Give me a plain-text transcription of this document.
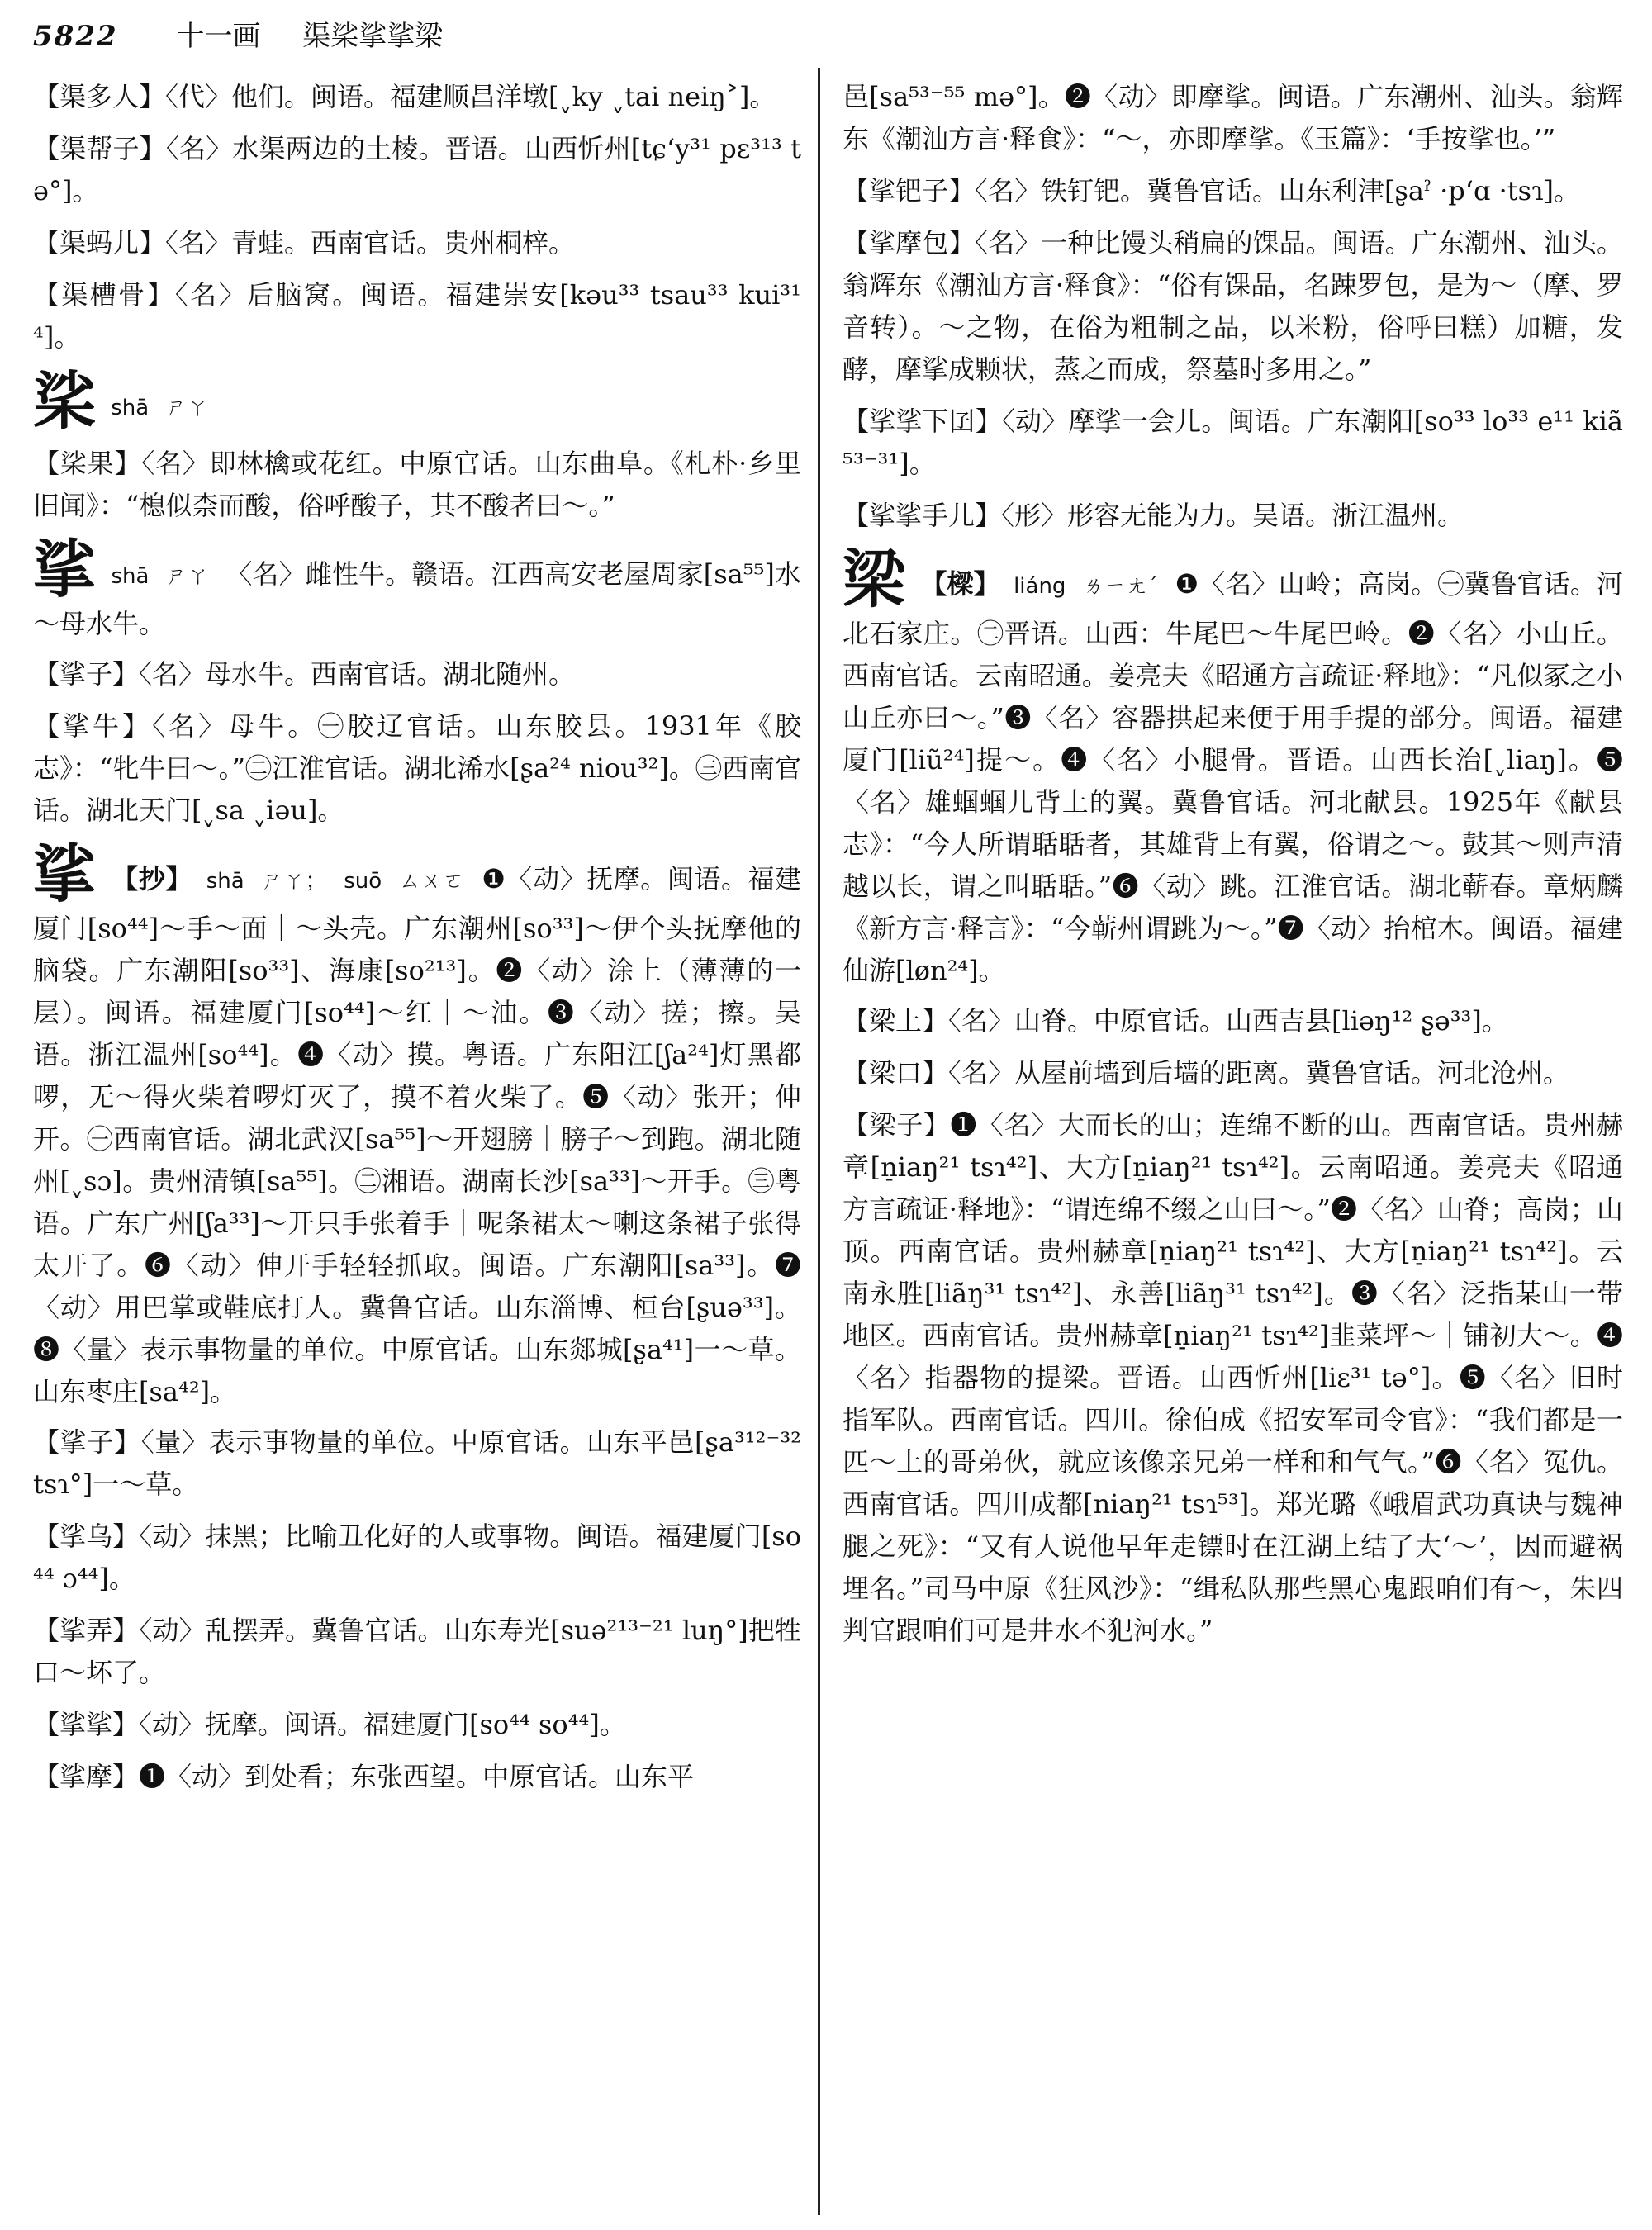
5822 十一画 渠桬挲挲梁

【渠多人】〈代〉他们。闽语。福建顺昌洋墩[ˬky ˬtai neiŋ˃]。

【渠帮子】〈名〉水渠两边的土棱。晋语。山西忻州[tɕʻy³¹ pɛ³¹³ tə°]。

【渠蚂儿】〈名〉青蛙。西南官话。贵州桐梓。

【渠槽骨】〈名〉后脑窝。闽语。福建崇安[kəu³³ tsau³³ kui³¹⁴]。

桬 shā ㄕㄚ

【桬果】〈名〉即林檎或花红。中原官话。山东曲阜。《札朴·乡里旧闻》：“㮩似柰而酸，俗呼酸子，其不酸者曰～。”

挲 shā ㄕㄚ 〈名〉雌性牛。赣语。江西高安老屋周家[sa⁵⁵]水～母水牛。

【挲子】〈名〉母水牛。西南官话。湖北随州。

【挲牛】〈名〉母牛。㊀胶辽官话。山东胶县。1931年《胶志》：“牝牛曰～。”㊁江淮官话。湖北浠水[ʂa²⁴ niou³²]。㊂西南官话。湖北天门[ˬsa ˬiəu]。

挲 【抄】 shā ㄕㄚ； suō ㄙㄨㄛ ❶〈动〉抚摩。闽语。福建厦门[so⁴⁴]～手～面｜～头壳。广东潮州[so³³]～伊个头抚摩他的脑袋。广东潮阳[so³³]、海康[so²¹³]。❷〈动〉涂上（薄薄的一层）。闽语。福建厦门[so⁴⁴]～红｜～油。❸〈动〉搓；擦。吴语。浙江温州[so⁴⁴]。❹〈动〉摸。粤语。广东阳江[ʃa²⁴]灯黑都啰，无～得火柴着啰灯灭了，摸不着火柴了。❺〈动〉张开；伸开。㊀西南官话。湖北武汉[sa⁵⁵]～开翅膀｜膀子～到跑。湖北随州[ˬsɔ]。贵州清镇[sa⁵⁵]。㊁湘语。湖南长沙[sa³³]～开手。㊂粤语。广东广州[ʃa³³]～开只手张着手｜呢条裙太～喇这条裙子张得太开了。❻〈动〉伸开手轻轻抓取。闽语。广东潮阳[sa³³]。❼〈动〉用巴掌或鞋底打人。冀鲁官话。山东淄博、桓台[ʂuə³³]。❽〈量〉表示事物量的单位。中原官话。山东郯城[ʂa⁴¹]一～草。山东枣庄[sa⁴²]。

【挲子】〈量〉表示事物量的单位。中原官话。山东平邑[ʂa³¹²⁻³² tsɿ°]一～草。

【挲乌】〈动〉抹黑；比喻丑化好的人或事物。闽语。福建厦门[so⁴⁴ ɔ⁴⁴]。

【挲弄】〈动〉乱摆弄。冀鲁官话。山东寿光[suə²¹³⁻²¹ luŋ°]把牲口～坏了。

【挲挲】〈动〉抚摩。闽语。福建厦门[so⁴⁴ so⁴⁴]。

【挲摩】❶〈动〉到处看；东张西望。中原官话。山东平

邑[sa⁵³⁻⁵⁵ mə°]。❷〈动〉即摩挲。闽语。广东潮州、汕头。翁辉东《潮汕方言·释食》：“～，亦即摩挲。《玉篇》：‘手按挲也。’”

【挲钯子】〈名〉铁钉钯。冀鲁官话。山东利津[ʂaˀ ·pʻɑ ·tsɿ]。

【挲摩包】〈名〉一种比馒头稍扁的馃品。闽语。广东潮州、汕头。翁辉东《潮汕方言·释食》：“俗有馃品，名踈罗包，是为～（摩、罗音转）。～之物，在俗为粗制之品，以米粉，俗呼曰糕）加糖，发酵，摩挲成颗状，蒸之而成，祭墓时多用之。”

【挲挲下囝】〈动〉摩挲一会儿。闽语。广东潮阳[so³³ lo³³ e¹¹ kiã⁵³⁻³¹]。

【挲挲手儿】〈形〉形容无能为力。吴语。浙江温州。

梁 【樑】 liáng ㄌㄧㄤˊ ❶〈名〉山岭；高岗。㊀冀鲁官话。河北石家庄。㊁晋语。山西：牛尾巴～牛尾巴岭。❷〈名〉小山丘。西南官话。云南昭通。姜亮夫《昭通方言疏证·释地》：“凡似冢之小山丘亦曰～。”❸〈名〉容器拱起来便于用手提的部分。闽语。福建厦门[liũ²⁴]提～。❹〈名〉小腿骨。晋语。山西长治[ˬliaŋ]。❺〈名〉雄蝈蝈儿背上的翼。冀鲁官话。河北献县。1925年《献县志》：“今人所谓聒聒者，其雄背上有翼，俗谓之～。鼓其～则声清越以长，谓之叫聒聒。”❻〈动〉跳。江淮官话。湖北蕲春。章炳麟《新方言·释言》：“今蕲州谓跳为～。”❼〈动〉抬棺木。闽语。福建仙游[løn²⁴]。

【梁上】〈名〉山脊。中原官话。山西吉县[liəŋ¹² ʂə³³]。

【梁口】〈名〉从屋前墙到后墙的距离。冀鲁官话。河北沧州。

【梁子】❶〈名〉大而长的山；连绵不断的山。西南官话。贵州赫章[n̠iaŋ²¹ tsɿ⁴²]、大方[n̠iaŋ²¹ tsɿ⁴²]。云南昭通。姜亮夫《昭通方言疏证·释地》：“谓连绵不缀之山曰～。”❷〈名〉山脊；高岗；山顶。西南官话。贵州赫章[n̠iaŋ²¹ tsɿ⁴²]、大方[n̠iaŋ²¹ tsɿ⁴²]。云南永胜[liãŋ³¹ tsɿ⁴²]、永善[liãŋ³¹ tsɿ⁴²]。❸〈名〉泛指某山一带地区。西南官话。贵州赫章[n̠iaŋ²¹ tsɿ⁴²]韭菜坪～｜铺初大～。❹〈名〉指器物的提梁。晋语。山西忻州[liɛ³¹ tə°]。❺〈名〉旧时指军队。西南官话。四川。徐伯成《招安军司令官》：“我们都是一匹～上的哥弟伙，就应该像亲兄弟一样和和气气。”❻〈名〉冤仇。西南官话。四川成都[niaŋ²¹ tsɿ⁵³]。郑光璐《峨眉武功真诀与魏神腿之死》：“又有人说他早年走镖时在江湖上结了大‘～’，因而避祸埋名。”司马中原《狂风沙》：“缉私队那些黑心鬼跟咱们有～，朱四判官跟咱们可是井水不犯河水。”
